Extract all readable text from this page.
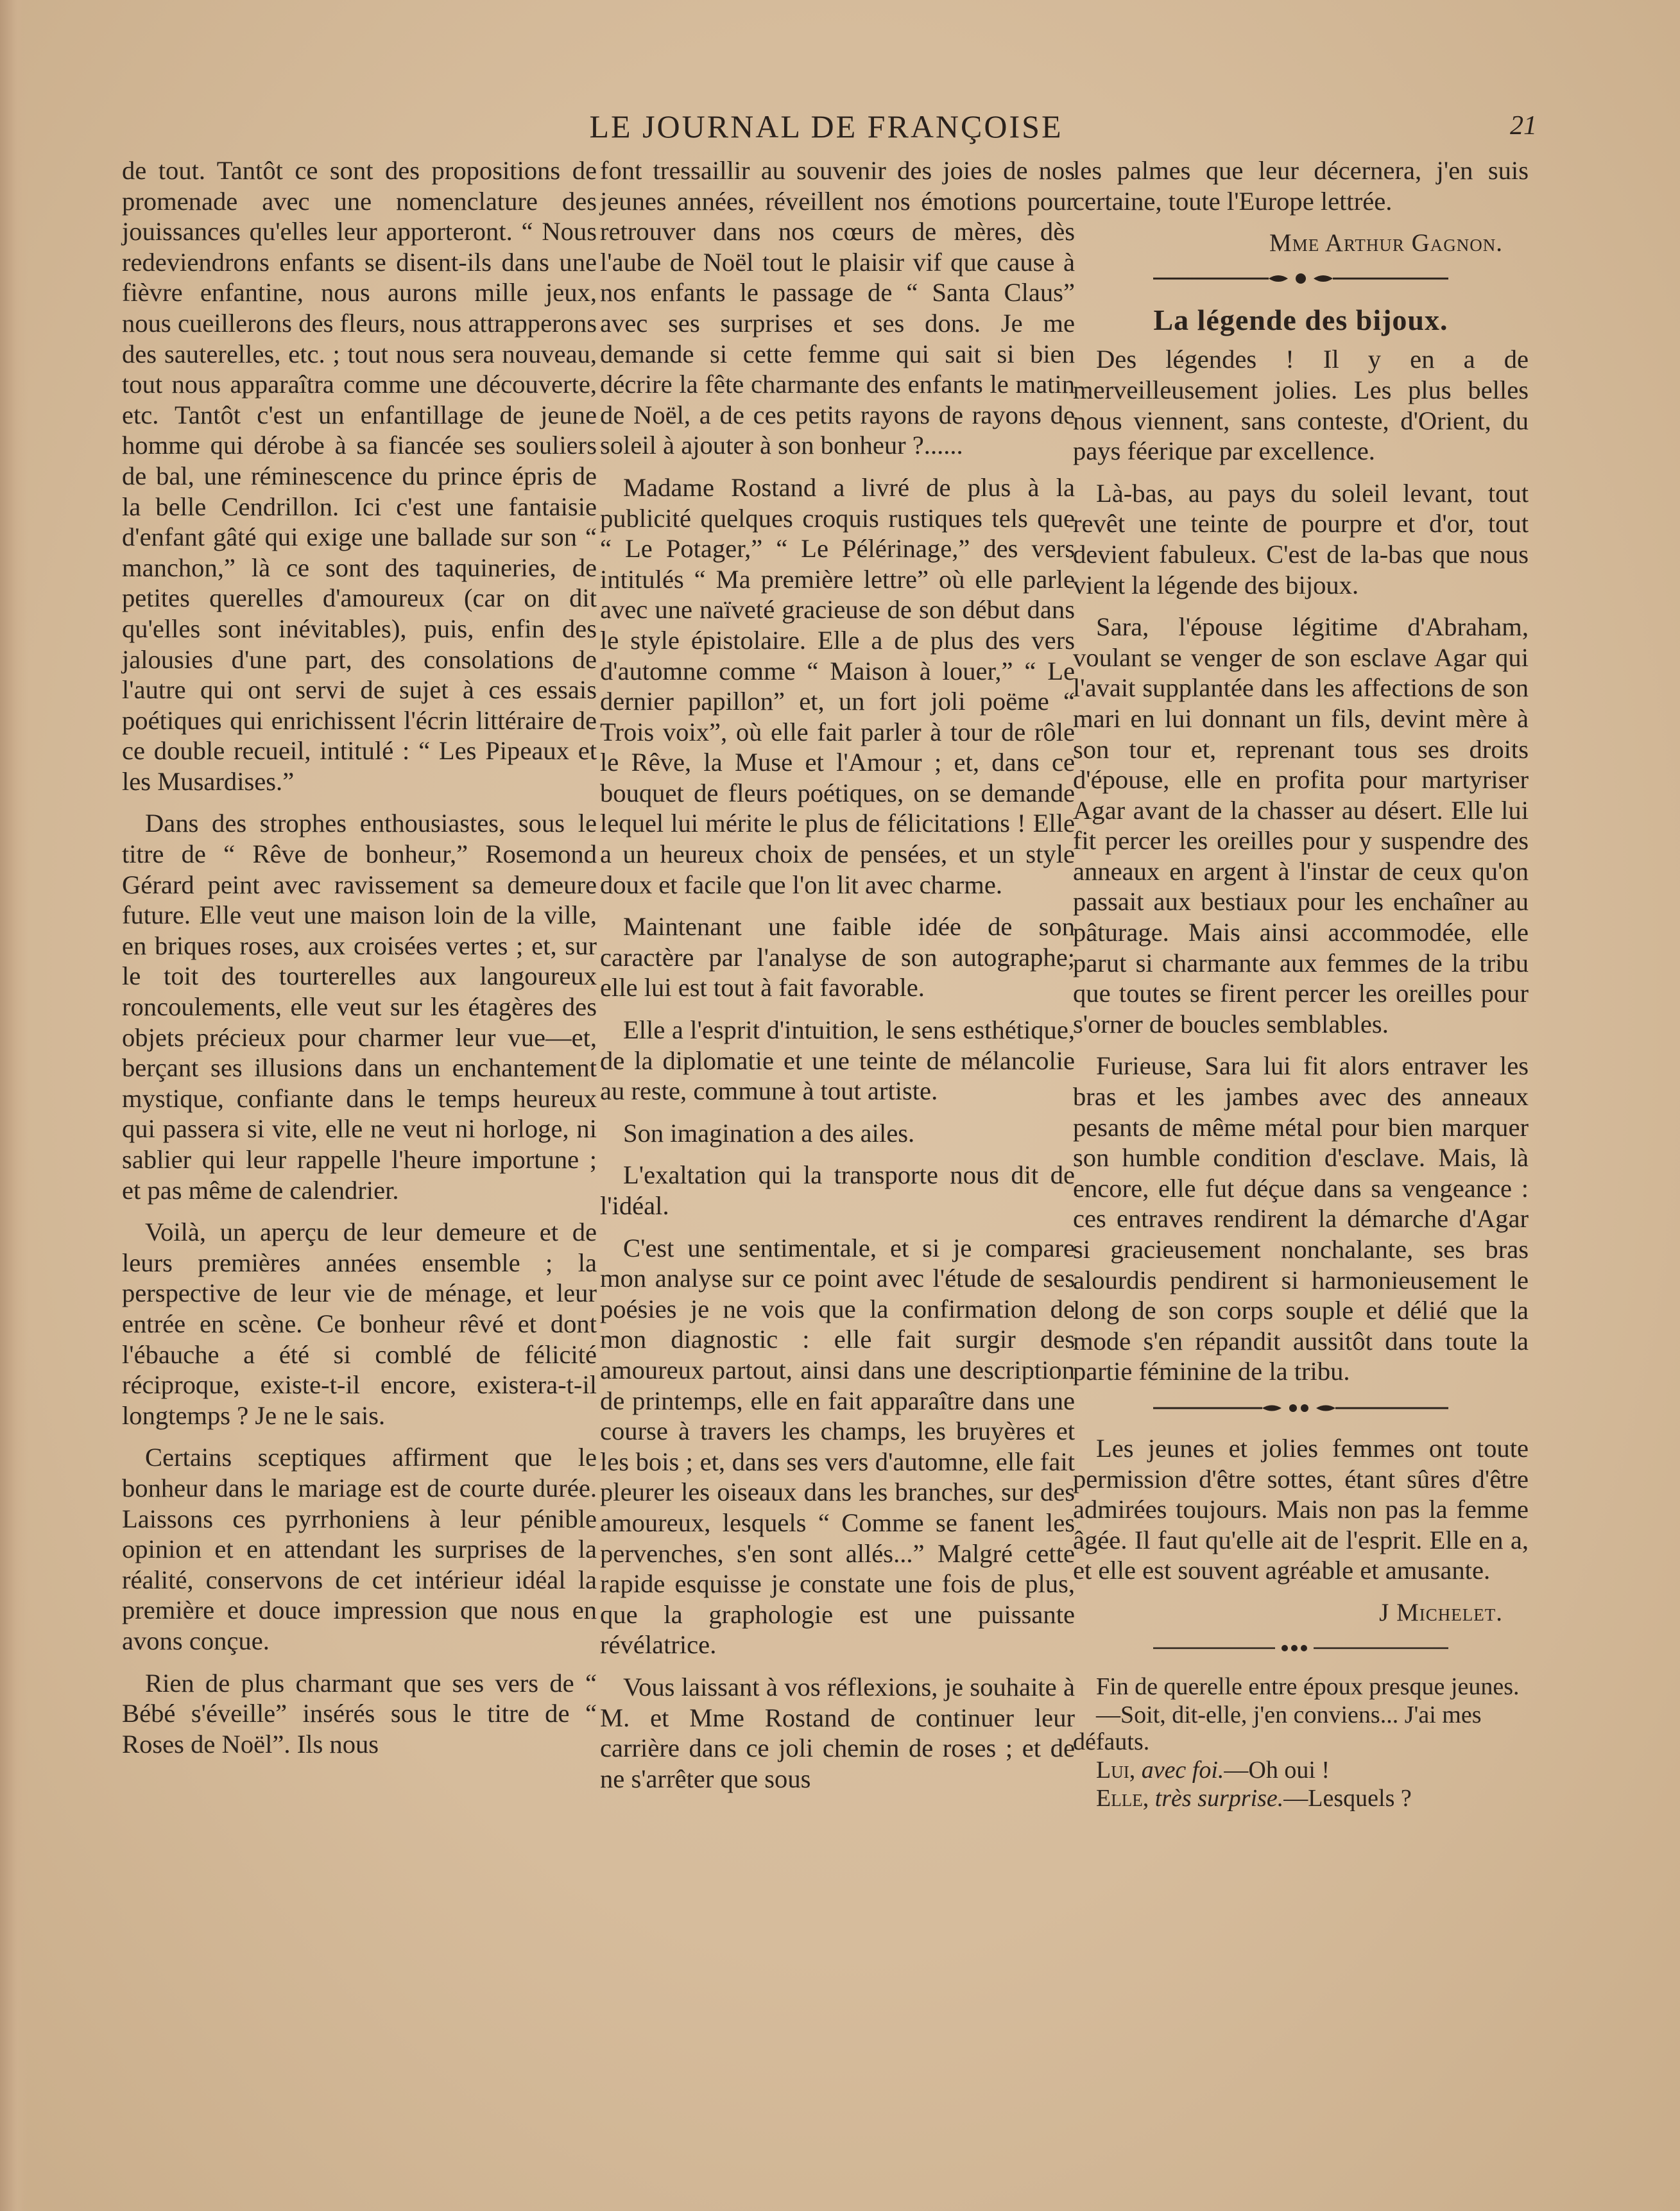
LE JOURNAL DE FRANÇOISE	21

de tout. Tantôt ce sont des propositions de promenade avec une nomenclature des jouissances qu'elles leur apporteront. “ Nous redeviendrons enfants se disent-ils dans une fièvre enfantine, nous aurons mille jeux, nous cueillerons des fleurs, nous attrapperons des sauterelles, etc. ; tout nous sera nouveau, tout nous apparaîtra comme une découverte, etc. Tantôt c'est un enfantillage de jeune homme qui dérobe à sa fiancée ses souliers de bal, une réminescence du prince épris de la belle Cendrillon. Ici c'est une fantaisie d'enfant gâté qui exige une ballade sur son “ manchon,” là ce sont des taquineries, de petites querelles d'amoureux (car on dit qu'elles sont inévitables), puis, enfin des jalousies d'une part, des consolations de l'autre qui ont servi de sujet à ces essais poétiques qui enrichissent l'écrin littéraire de ce double recueil, intitulé : “ Les Pipeaux et les Musardises.”

Dans des strophes enthousiastes, sous le titre de “ Rêve de bonheur,” Rosemond Gérard peint avec ravissement sa demeure future. Elle veut une maison loin de la ville, en briques roses, aux croisées vertes ; et, sur le toit des tourterelles aux langoureux roncoulements, elle veut sur les étagères des objets précieux pour charmer leur vue—et, berçant ses illusions dans un enchantement mystique, confiante dans le temps heureux qui passera si vite, elle ne veut ni horloge, ni sablier qui leur rappelle l'heure importune ; et pas même de calendrier.

Voilà, un aperçu de leur demeure et de leurs premières années ensemble ; la perspective de leur vie de ménage, et leur entrée en scène. Ce bonheur rêvé et dont l'ébauche a été si comblé de félicité réciproque, existe-t-il encore, existera-t-il longtemps ? Je ne le sais.

Certains sceptiques affirment que le bonheur dans le mariage est de courte durée. Laissons ces pyrrhoniens à leur pénible opinion et en attendant les surprises de la réalité, conservons de cet intérieur idéal la première et douce impression que nous en avons conçue.

Rien de plus charmant que ses vers de “ Bébé s'éveille” insérés sous le titre de “ Roses de Noël”. Ils nous

font tressaillir au souvenir des joies de nos jeunes années, réveillent nos émotions pour retrouver dans nos cœurs de mères, dès l'aube de Noël tout le plaisir vif que cause à nos enfants le passage de “ Santa Claus” avec ses surprises et ses dons. Je me demande si cette femme qui sait si bien décrire la fête charmante des enfants le matin de Noël, a de ces petits rayons de rayons de soleil à ajouter à son bonheur ?......

Madame Rostand a livré de plus à la publicité quelques croquis rustiques tels que “ Le Potager,” “ Le Pélérinage,” des vers intitulés “ Ma première lettre” où elle parle avec une naïveté gracieuse de son début dans le style épistolaire. Elle a de plus des vers d'automne comme “ Maison à louer,” “ Le dernier papillon” et, un fort joli poëme “ Trois voix”, où elle fait parler à tour de rôle le Rêve, la Muse et l'Amour ; et, dans ce bouquet de fleurs poétiques, on se demande lequel lui mérite le plus de félicitations ! Elle a un heureux choix de pensées, et un style doux et facile que l'on lit avec charme.

Maintenant une faible idée de son caractère par l'analyse de son autographe; elle lui est tout à fait favorable.

Elle a l'esprit d'intuition, le sens esthétique, de la diplomatie et une teinte de mélancolie au reste, commune à tout artiste.

Son imagination a des ailes.

L'exaltation qui la transporte nous dit de l'idéal.

C'est une sentimentale, et si je compare mon analyse sur ce point avec l'étude de ses poésies je ne vois que la confirmation de mon diagnostic : elle fait surgir des amoureux partout, ainsi dans une description de printemps, elle en fait apparaître dans une course à travers les champs, les bruyères et les bois ; et, dans ses vers d'automne, elle fait pleurer les oiseaux dans les branches, sur des amoureux, lesquels “ Comme se fanent les pervenches, s'en sont allés...” Malgré cette rapide esquisse je constate une fois de plus, que la graphologie est une puissante révélatrice.

Vous laissant à vos réflexions, je souhaite à M. et Mme Rostand de continuer leur carrière dans ce joli chemin de roses ; et de ne s'arrêter que sous

les palmes que leur décernera, j'en suis certaine, toute l'Europe lettrée.

Mme Arthur Gagnon.
La légende des bijoux.

Des légendes ! Il y en a de merveilleusement jolies. Les plus belles nous viennent, sans conteste, d'Orient, du pays féerique par excellence.

Là-bas, au pays du soleil levant, tout revêt une teinte de pourpre et d'or, tout devient fabuleux. C'est de la-bas que nous vient la légende des bijoux.

Sara, l'épouse légitime d'Abraham, voulant se venger de son esclave Agar qui l'avait supplantée dans les affections de son mari en lui donnant un fils, devint mère à son tour et, reprenant tous ses droits d'épouse, elle en profita pour martyriser Agar avant de la chasser au désert. Elle lui fit percer les oreilles pour y suspendre des anneaux en argent à l'instar de ceux qu'on passait aux bestiaux pour les enchaîner au pâturage. Mais ainsi accommodée, elle parut si charmante aux femmes de la tribu que toutes se firent percer les oreilles pour s'orner de boucles semblables.

Furieuse, Sara lui fit alors entraver les bras et les jambes avec des anneaux pesants de même métal pour bien marquer son humble condition d'esclave. Mais, là encore, elle fut déçue dans sa vengeance : ces entraves rendirent la démarche d'Agar si gracieusement nonchalante, ses bras alourdis pendirent si harmonieusement le long de son corps souple et délié que la mode s'en répandit aussitôt dans toute la partie féminine de la tribu.

Les jeunes et jolies femmes ont toute permission d'être sottes, étant sûres d'être admirées toujours. Mais non pas la femme âgée. Il faut qu'elle ait de l'esprit. Elle en a, et elle est souvent agréable et amusante.

J Michelet.

Fin de querelle entre époux presque jeunes.

—Soit, dit-elle, j'en conviens... J'ai mes défauts.

Lui, avec foi.—Oh oui !

Elle, très surprise.—Lesquels ?
